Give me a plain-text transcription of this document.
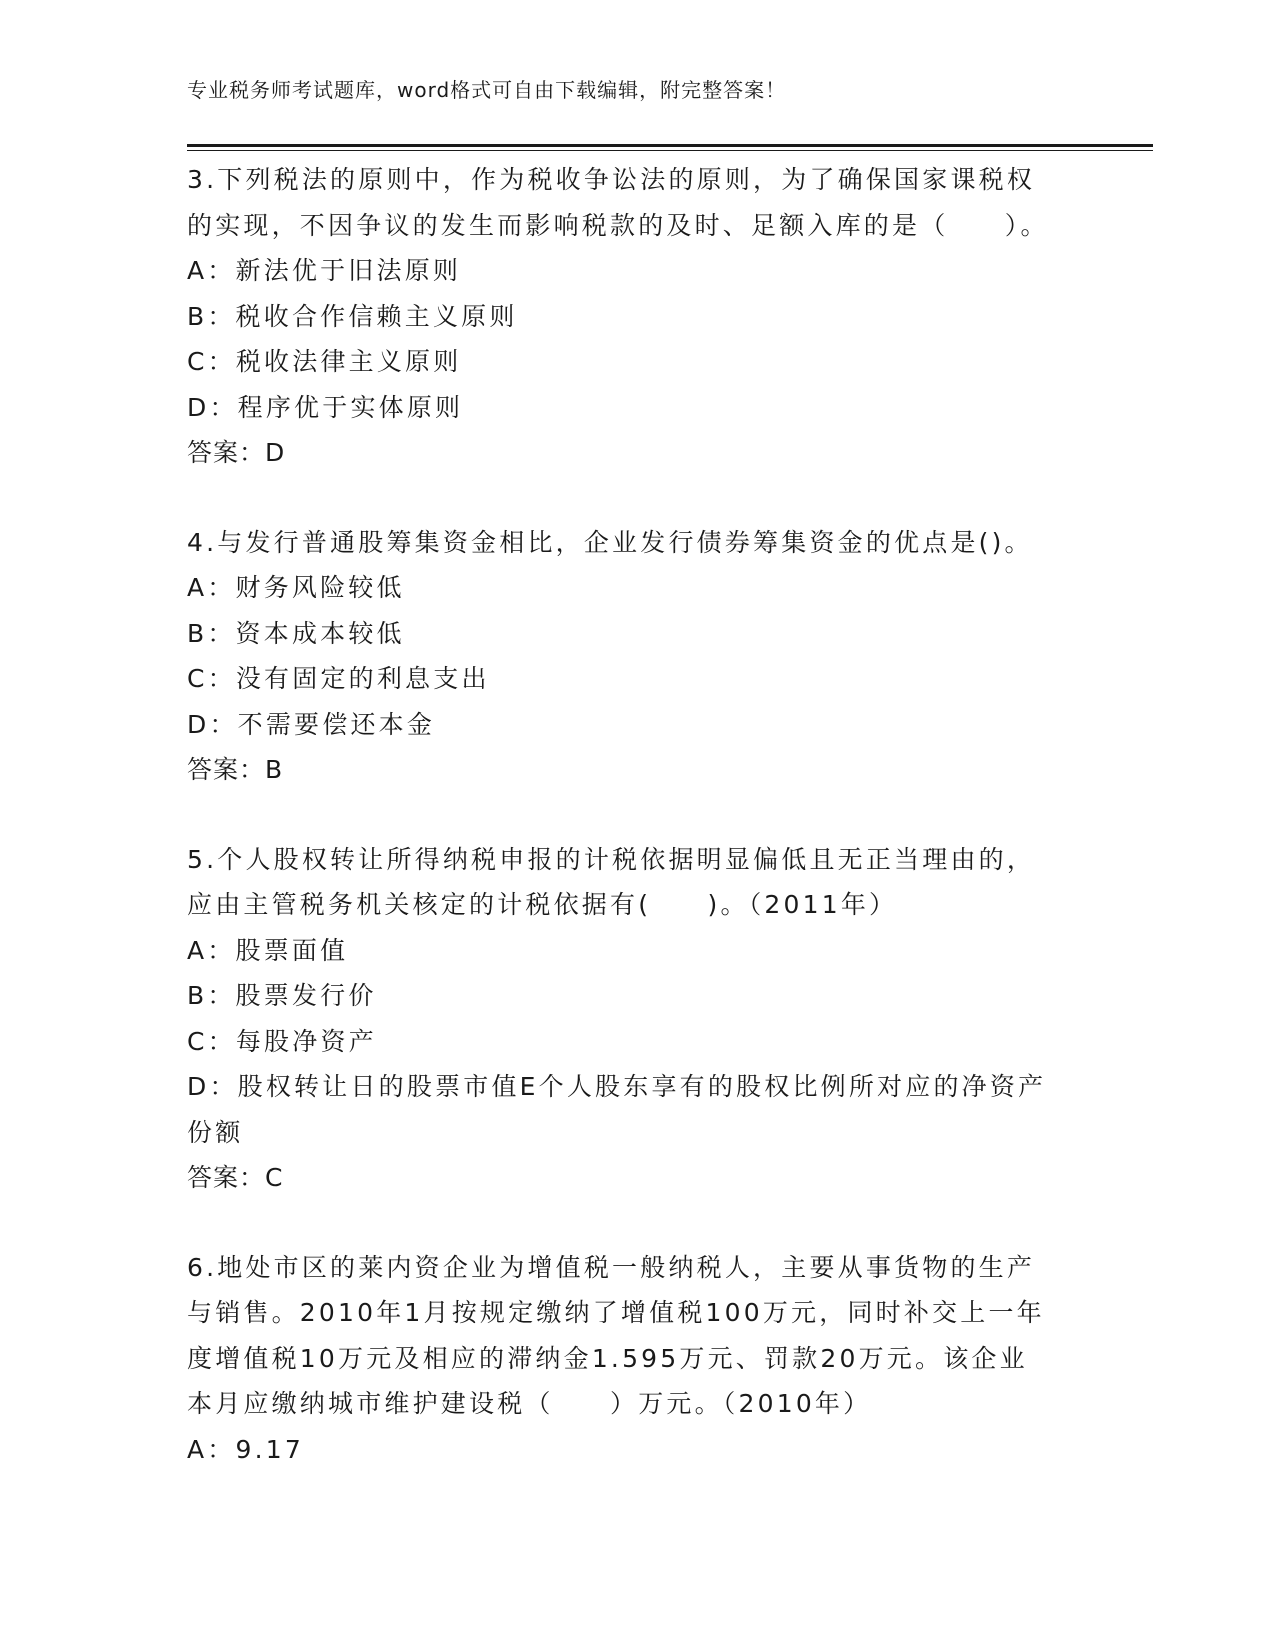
专业税务师考试题库，word格式可自由下载编辑，附完整答案！
3.下列税法的原则中，作为税收争讼法的原则，为了确保国家课税权
的实现，不因争议的发生而影响税款的及时、足额入库的是（　　）。
A：新法优于旧法原则
B：税收合作信赖主义原则
C：税收法律主义原则
D：程序优于实体原则
答案：D
4.与发行普通股筹集资金相比，企业发行债券筹集资金的优点是()。
A：财务风险较低
B：资本成本较低
C：没有固定的利息支出
D：不需要偿还本金
答案：B
5.个人股权转让所得纳税申报的计税依据明显偏低且无正当理由的，
应由主管税务机关核定的计税依据有(　　)。（2011年）
A：股票面值
B：股票发行价
C：每股净资产
D：股权转让日的股票市值E个人股东享有的股权比例所对应的净资产
份额
答案：C
6.地处市区的莱内资企业为增值税一般纳税人，主要从事货物的生产
与销售。2010年1月按规定缴纳了增值税100万元，同时补交上一年
度增值税10万元及相应的滞纳金1.595万元、罚款20万元。该企业
本月应缴纳城市维护建设税（　　）万元。（2010年）
A：9.17
